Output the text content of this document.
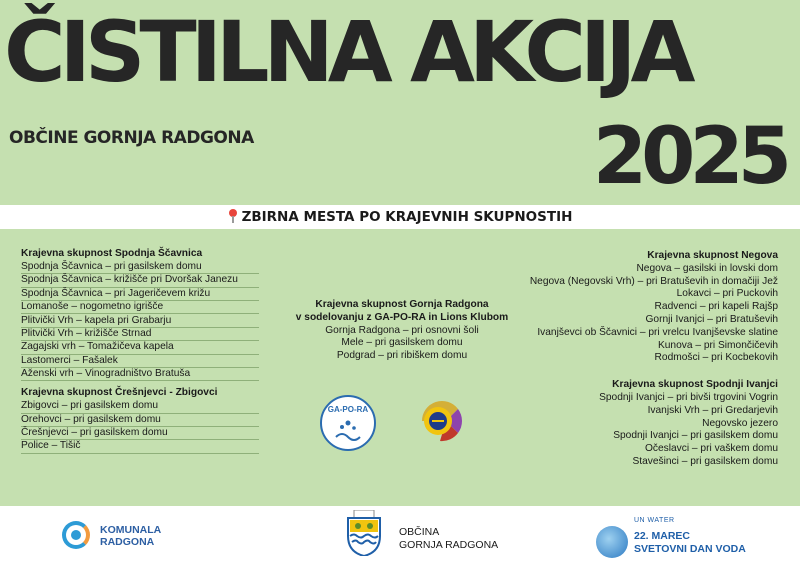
ČISTILNA AKCIJA
OBČINE GORNJA RADGONA	2025
ZBIRNA MESTA PO KRAJEVNIH SKUPNOSTIH
Krajevna skupnost Spodnja Ščavnica
Spodnja Ščavnica – pri gasilskem domu
Spodnja Ščavnica – križišče pri Dvoršak Janezu
Spodnja Ščavnica – pri Jageričevem križu
Lomanoše – nogometno igrišče
Plitvički Vrh – kapela pri Grabarju
Plitvički Vrh – križišče Strnad
Zagajski vrh – Tomažičeva kapela
Lastomerci – Fašalek
Aženski vrh – Vinogradništvo Bratuša
Krajevna skupnost Črešnjevci - Zbigovci
Zbigovci – pri gasilskem domu
Orehovci – pri gasilskem domu
Črešnjevci – pri gasilskem domu
Police – Tišič
Krajevna skupnost Gornja Radgona
v sodelovanju z GA-PO-RA in Lions Klubom
Gornja Radgona – pri osnovni šoli
Mele – pri gasilskem domu
Podgrad – pri ribiškem domu
GA-PO-RA
Krajevna skupnost Negova
Negova – gasilski in lovski dom
Negova (Negovski Vrh) – pri Bratuševih in domačiji Jež
Lokavci – pri Puckovih
Radvenci – pri kapeli Rajšp
Gornji Ivanjci – pri Bratuševih
Ivanjševci ob Ščavnici – pri vrelcu Ivanjševske slatine
Kunova – pri Simončičevih
Rodmošci – pri Kocbekovih
Krajevna skupnost Spodnji Ivanjci
Spodnji Ivanjci – pri bivši trgovini Vogrin
Ivanjski Vrh – pri Gredarjevih
Negovsko jezero
Spodnji Ivanjci – pri gasilskem domu
Očeslavci – pri vaškem domu
Stavešinci – pri gasilskem domu
KOMUNALA
RADGONA
OBČINA
GORNJA RADGONA
UN WATER
22. MAREC
SVETOVNI DAN VODA
